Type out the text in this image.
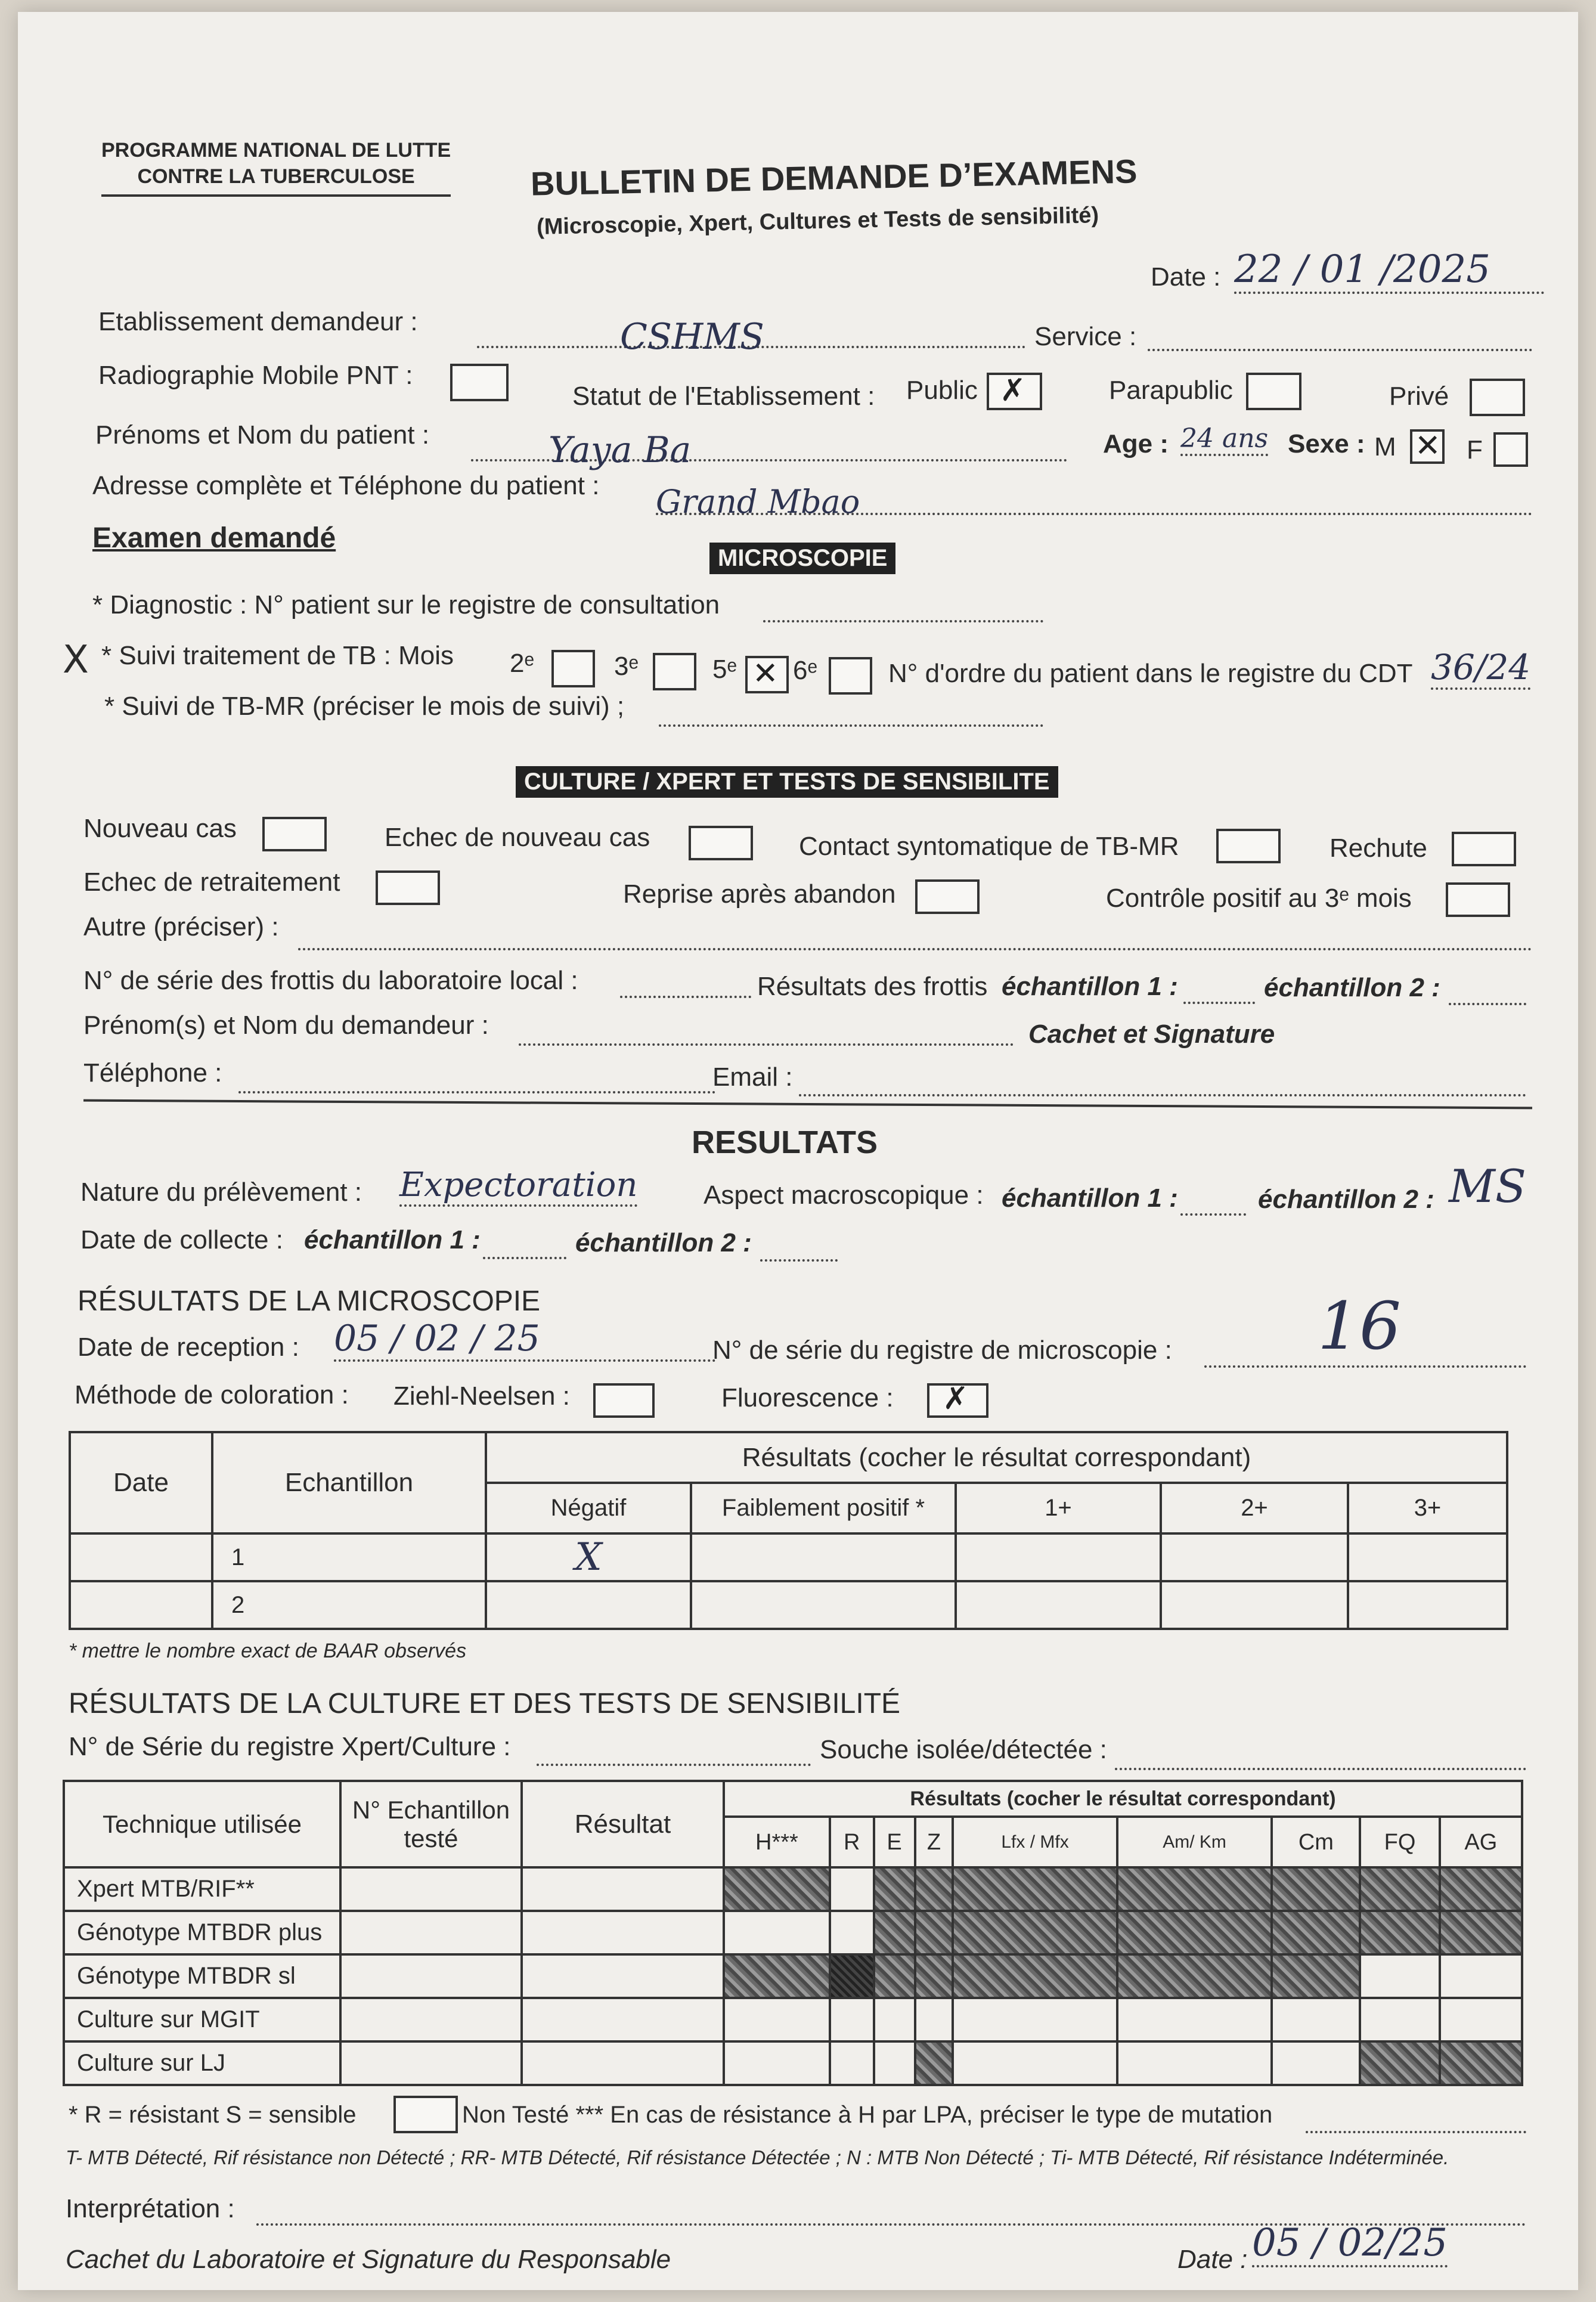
PROGRAMME NATIONAL DE LUTTE
CONTRE LA TUBERCULOSE	BULLETIN DE DEMANDE D’EXAMENS
(Microscopie, Xpert, Cultures et Tests de sensibilité)
Date : 22 / 01 /2025
Etablissement demandeur :	CSHMS	Service :
Radiographie Mobile PNT :
Statut de l'Etablissement : Public ✗	Parapublic	Privé
Prénoms et Nom du patient :	Yaya Ba	Age : 24 ans Sexe : M ✕ F
Adresse complète et Téléphone du patient : Grand Mbao
Examen demandé
MICROSCOPIE
* Diagnostic : N° patient sur le registre de consultation
X * Suivi traitement de TB : Mois 2ᵉ	3ᵉ	5ᵉ ✕ 6ᵉ	N° d'ordre du patient dans le registre du CDT 36/24
* Suivi de TB-MR (préciser le mois de suivi) ;
CULTURE / XPERT ET TESTS DE SENSIBILITE
Nouveau cas	Echec de nouveau cas	Contact syntomatique de TB-MR	Rechute
Echec de retraitement	Reprise après abandon	Contrôle positif au 3ᵉ mois
Autre (préciser) :
N° de série des frottis du laboratoire local :	Résultats des frottis échantillon 1 :	échantillon 2 :
Prénom(s) et Nom du demandeur :	Cachet et Signature
Téléphone :	Email :
RESULTATS
Nature du prélèvement : Expectoration	Aspect macroscopique : échantillon 1 :	échantillon 2 : MS
Date de collecte : échantillon 1 :	échantillon 2 :
RÉSULTATS DE LA MICROSCOPIE
Date de reception : 05 / 02 / 25	N° de série du registre de microscopie : 16
Méthode de coloration : Ziehl-Neelsen :	Fluorescence : ✗
Date	Echantillon	Résultats (cocher le résultat correspondant)				
		Négatif	Faiblement positif *	1+	2+	3+
	1	X				
	2					
* mettre le nombre exact de BAAR observés
RÉSULTATS DE LA CULTURE ET DES TESTS DE SENSIBILITÉ
N° de Série du registre Xpert/Culture :	Souche isolée/détectée :
Technique utilisée	N° Echantillon testé	Résultat	Résultats (cocher le résultat correspondant)								
			H***	R	E	Z	Lfx / Mfx	Am/ Km	Cm	FQ	AG
Xpert MTB/RIF**											
Génotype MTBDR plus											
Génotype MTBDR sl											
Culture sur MGIT											
Culture sur LJ											
* R = résistant S = sensible	Non Testé *** En cas de résistance à H par LPA, préciser le type de mutation
T- MTB Détecté, Rif résistance non Détecté ; RR- MTB Détecté, Rif résistance Détectée ; N : MTB Non Détecté ; Ti- MTB Détecté, Rif résistance Indéterminée.
Interprétation :
Cachet du Laboratoire et Signature du Responsable	Date : 05 / 02/25
